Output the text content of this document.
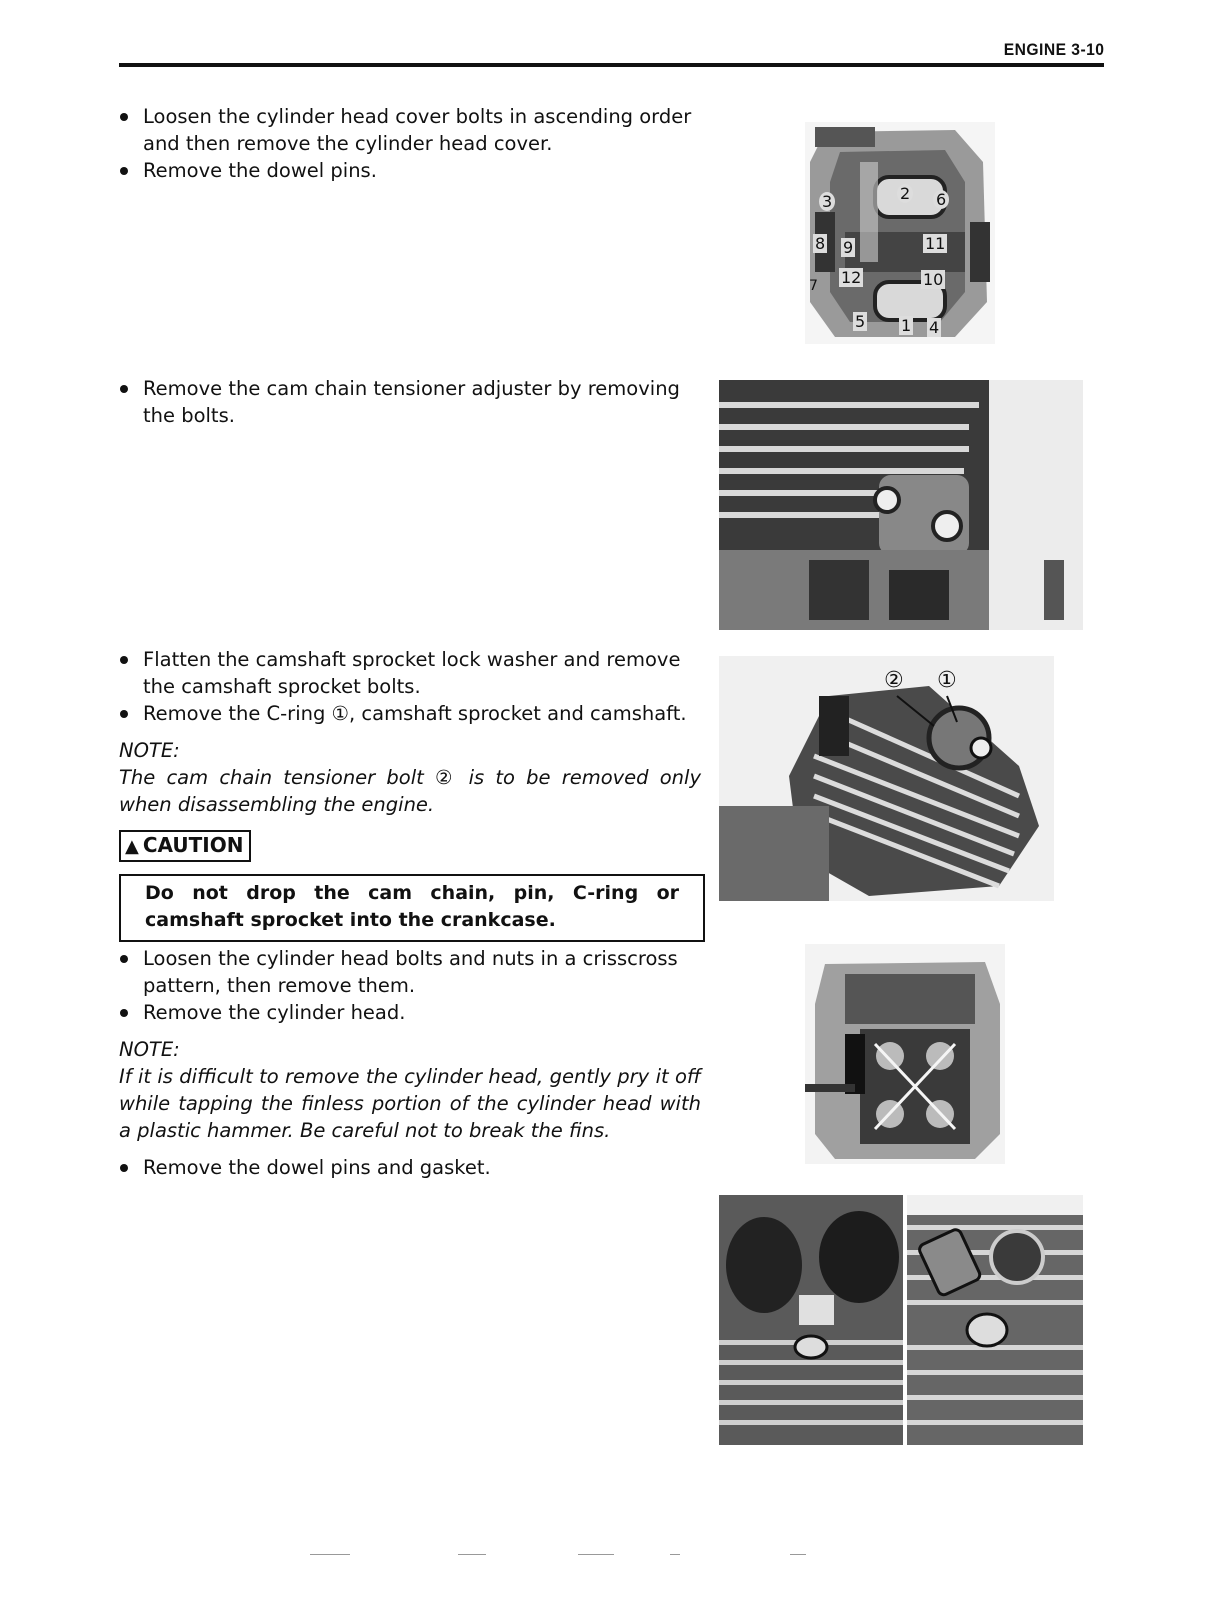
ENGINE 3-10
Loosen the cylinder head cover bolts in ascending order and then remove the cylinder head cover.
Remove the dowel pins.
3	2 6
8 9	11
12	10
7
5 1 4
Remove the cam chain tensioner adjuster by removing the bolts.
Flatten the camshaft sprocket lock washer and remove the camshaft sprocket bolts.
Remove the C-ring ①, camshaft sprocket and camshaft.
NOTE:
The cam chain tensioner bolt ② is to be removed only when disassembling the engine.
▲ CAUTION
Do not drop the cam chain, pin, C-ring or camshaft sprocket into the crankcase.
② ①
Loosen the cylinder head bolts and nuts in a crisscross pattern, then remove them.
Remove the cylinder head.
NOTE:
If it is difficult to remove the cylinder head, gently pry it off while tapping the finless portion of the cylinder head with a plastic hammer. Be careful not to break the fins.
Remove the dowel pins and gasket.
